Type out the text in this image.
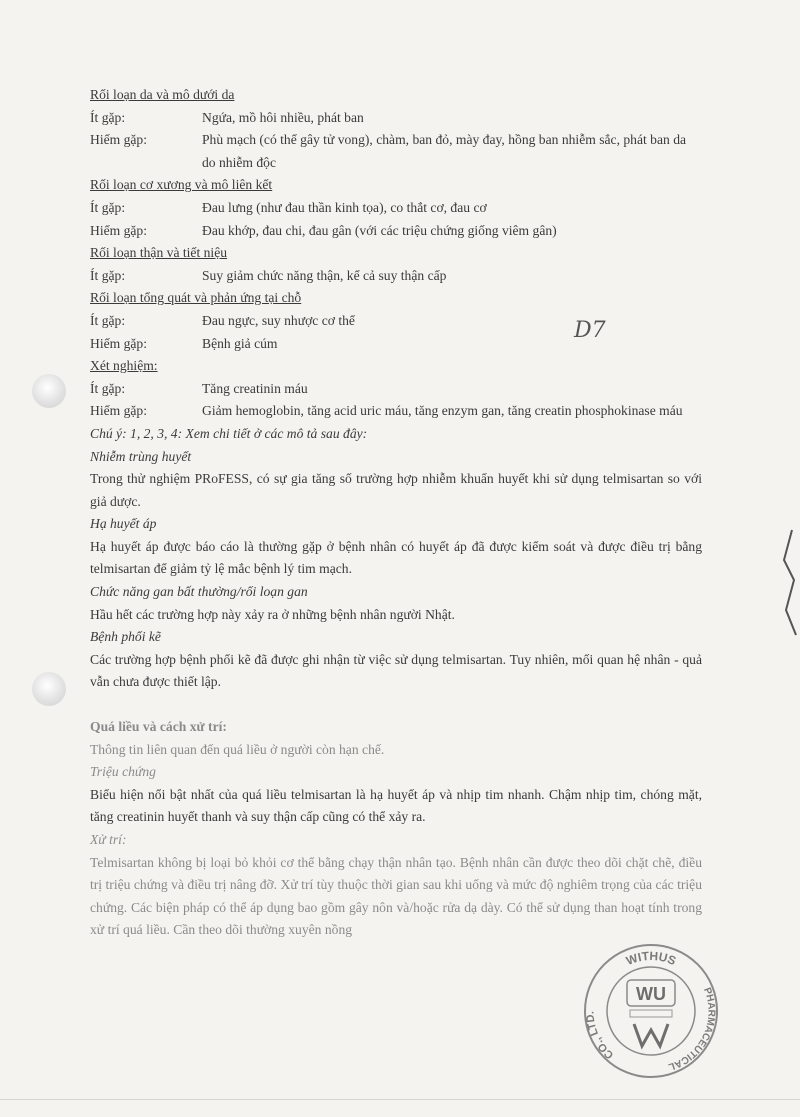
D7
Rối loạn da và mô dưới da
Ít gặp:	Ngứa, mồ hôi nhiều, phát ban
Hiếm gặp:	Phù mạch (có thể gây tử vong), chàm, ban đỏ, mày đay, hồng ban nhiễm sắc, phát ban da do nhiễm độc
Rối loạn cơ xương và mô liên kết
Ít gặp:	Đau lưng (như đau thần kinh tọa), co thắt cơ, đau cơ
Hiếm gặp:	Đau khớp, đau chi, đau gân (với các triệu chứng giống viêm gân)
Rối loạn thận và tiết niệu
Ít gặp:	Suy giảm chức năng thận, kể cả suy thận cấp
Rối loạn tổng quát và phản ứng tại chỗ
Ít gặp:	Đau ngực, suy nhược cơ thể
Hiếm gặp:	Bệnh giả cúm
Xét nghiệm:
Ít gặp:	Tăng creatinin máu
Hiếm gặp:	Giảm hemoglobin, tăng acid uric máu, tăng enzym gan, tăng creatin phosphokinase máu
Chú ý: 1, 2, 3, 4: Xem chi tiết ở các mô tả sau đây:
Nhiễm trùng huyết

Trong thử nghiệm PRoFESS, có sự gia tăng số trường hợp nhiễm khuẩn huyết khi sử dụng telmisartan so với giả dược.

Hạ huyết áp

Hạ huyết áp được báo cáo là thường gặp ở bệnh nhân có huyết áp đã được kiểm soát và được điều trị bằng telmisartan để giảm tỷ lệ mắc bệnh lý tim mạch.

Chức năng gan bất thường/rối loạn gan

Hầu hết các trường hợp này xảy ra ở những bệnh nhân người Nhật.

Bệnh phổi kẽ

Các trường hợp bệnh phổi kẽ đã được ghi nhận từ việc sử dụng telmisartan. Tuy nhiên, mối quan hệ nhân - quả vẫn chưa được thiết lập.

Quá liều và cách xử trí:
Thông tin liên quan đến quá liều ở người còn hạn chế.
Triệu chứng

Biểu hiện nổi bật nhất của quá liều telmisartan là hạ huyết áp và nhịp tim nhanh. Chậm nhịp tim, chóng mặt, tăng creatinin huyết thanh và suy thận cấp cũng có thể xảy ra.

Xử trí:

Telmisartan không bị loại bỏ khỏi cơ thể bằng chạy thận nhân tạo. Bệnh nhân cần được theo dõi chặt chẽ, điều trị triệu chứng và điều trị nâng đỡ. Xử trí tùy thuộc thời gian sau khi uống và mức độ nghiêm trọng của các triệu chứng. Các biện pháp có thể áp dụng bao gồm gây nôn và/hoặc rửa dạ dày. Có thể sử dụng than hoạt tính trong xử trí quá liều. Cần theo dõi thường xuyên nồng

WITHUS
CO., LTD.
PHARMACEUTICAL
WU
